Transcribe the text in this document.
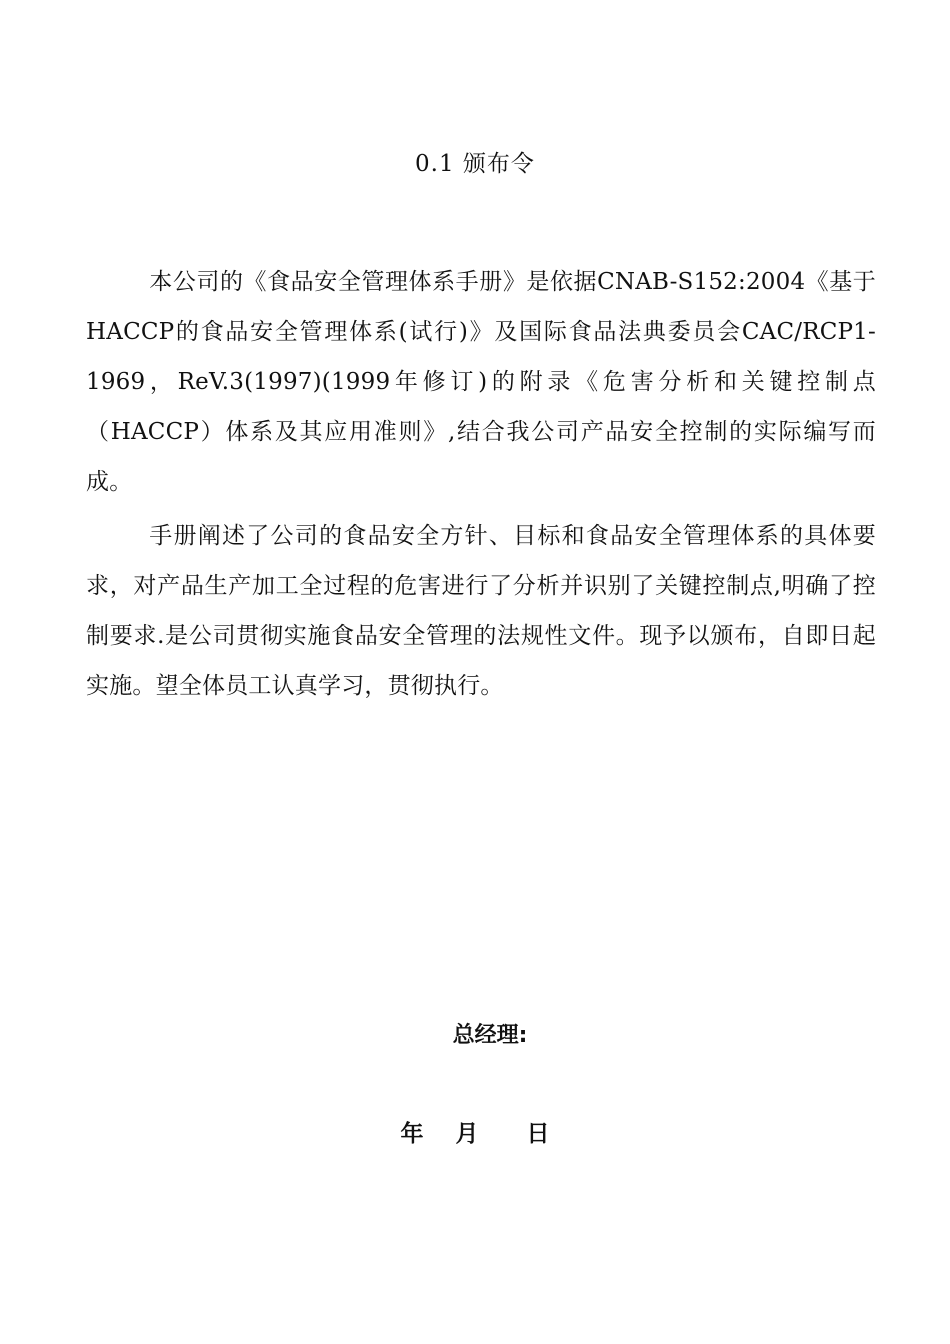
0.1 颁布令

本公司的《食品安全管理体系手册》是依据CNAB-S152:2004《基于HACCP的食品安全管理体系(试行)》及国际食品法典委员会CAC/RCP1-1969，ReV.3(1997)(1999年修订)的附录《危害分析和关键控制点（HACCP）体系及其应用准则》,结合我公司产品安全控制的实际编写而成。

手册阐述了公司的食品安全方针、目标和食品安全管理体系的具体要求，对产品生产加工全过程的危害进行了分析并识别了关键控制点,明确了控制要求.是公司贯彻实施食品安全管理的法规性文件。现予以颁布，自即日起实施。望全体员工认真学习，贯彻执行。

总经理:
年    月      日
